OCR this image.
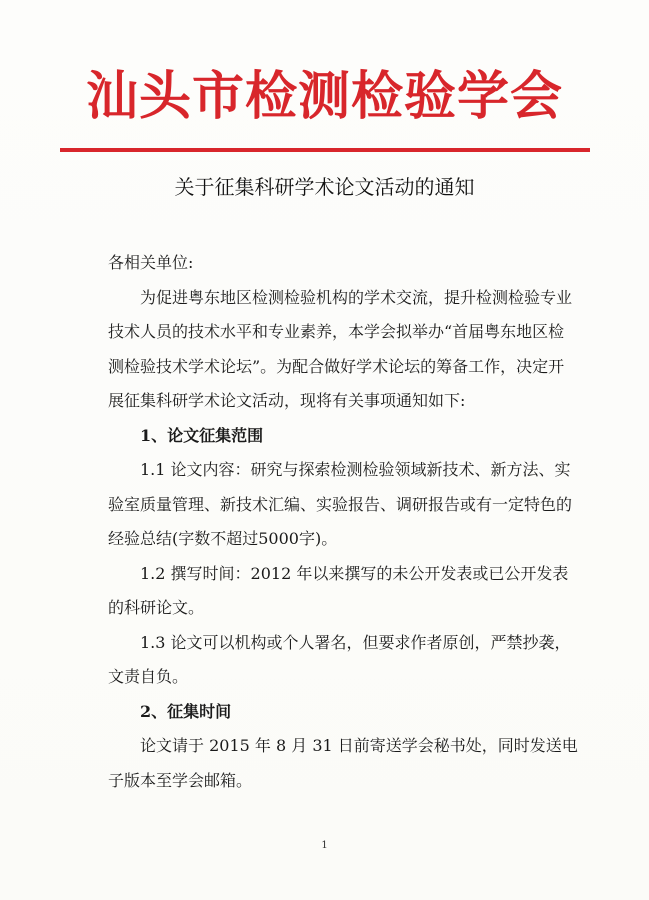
汕头市检测检验学会
关于征集科研学术论文活动的通知

各相关单位:

为促进粤东地区检测检验机构的学术交流，提升检测检验专业技术人员的技术水平和专业素养，本学会拟举办“首届粤东地区检测检验技术学术论坛”。为配合做好学术论坛的筹备工作，决定开展征集科研学术论文活动，现将有关事项通知如下:

1、论文征集范围

1.1 论文内容：研究与探索检测检验领域新技术、新方法、实验室质量管理、新技术汇编、实验报告、调研报告或有一定特色的经验总结(字数不超过5000字)。

1.2 撰写时间：2012 年以来撰写的未公开发表或已公开发表的科研论文。

1.3 论文可以机构或个人署名，但要求作者原创，严禁抄袭，文责自负。

2、征集时间

论文请于 2015 年 8 月 31 日前寄送学会秘书处，同时发送电子版本至学会邮箱。

1
